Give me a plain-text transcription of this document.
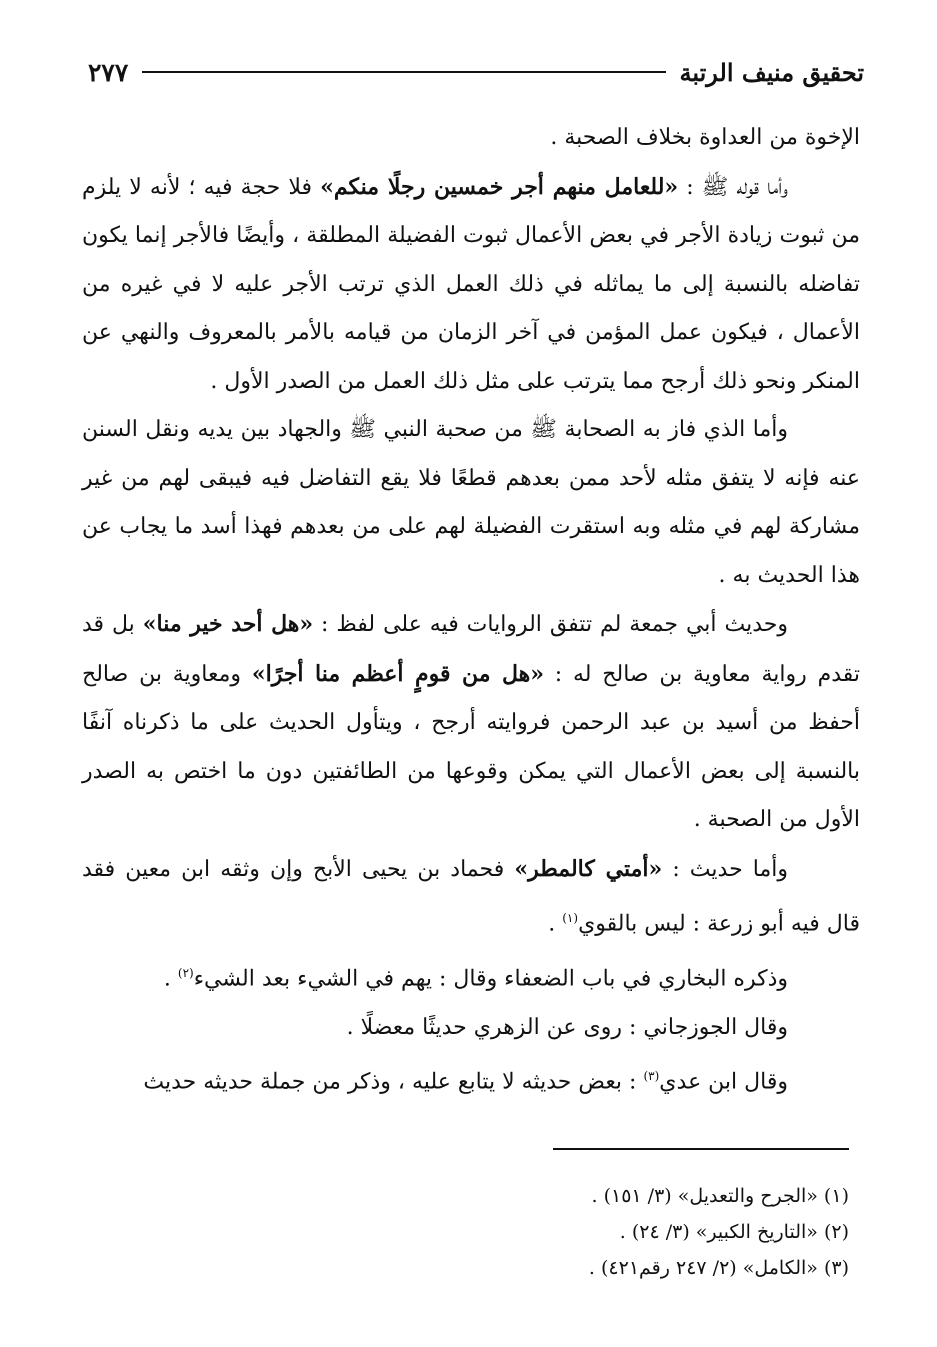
تحقيق منيف الرتبة
٢٧٧

الإخوة من العداوة بخلاف الصحبة .

وأما قوله ﷺ : «للعامل منهم أجر خمسين رجلًا منكم» فلا حجة فيه ؛ لأنه لا يلزم من ثبوت زيادة الأجر في بعض الأعمال ثبوت الفضيلة المطلقة ، وأيضًا فالأجر إنما يكون تفاضله بالنسبة إلى ما يماثله في ذلك العمل الذي ترتب الأجر عليه لا في غيره من الأعمال ، فيكون عمل المؤمن في آخر الزمان من قيامه بالأمر بالمعروف والنهي عن المنكر ونحو ذلك أرجح مما يترتب على مثل ذلك العمل من الصدر الأول .

وأما الذي فاز به الصحابة ﷺ من صحبة النبي ﷺ والجهاد بين يديه ونقل السنن عنه فإنه لا يتفق مثله لأحد ممن بعدهم قطعًا فلا يقع التفاضل فيه فيبقى لهم من غير مشاركة لهم في مثله وبه استقرت الفضيلة لهم على من بعدهم فهذا أسد ما يجاب عن هذا الحديث به .

وحديث أبي جمعة لم تتفق الروايات فيه على لفظ : «هل أحد خير منا» بل قد تقدم رواية معاوية بن صالح له : «هل من قومٍ أعظم منا أجرًا» ومعاوية بن صالح أحفظ من أسيد بن عبد الرحمن فروايته أرجح ، ويتأول الحديث على ما ذكرناه آنفًا بالنسبة إلى بعض الأعمال التي يمكن وقوعها من الطائفتين دون ما اختص به الصدر الأول من الصحبة .

وأما حديث : «أمتي كالمطر» فحماد بن يحيى الأبح وإن وثقه ابن معين فقد قال فيه أبو زرعة : ليس بالقوي$^{(١)}$ .

وذكره البخاري في باب الضعفاء وقال : يهم في الشيء بعد الشيء$^{(٢)}$ .

وقال الجوزجاني : روى عن الزهري حديثًا معضلًا .

وقال ابن عدي$^{(٣)}$ : بعض حديثه لا يتابع عليه ، وذكر من جملة حديثه حديث

(١) «الجرح والتعديل» (٣/ ١٥١) .

(٢) «التاريخ الكبير» (٣/ ٢٤) .

(٣) «الكامل» (٢/ ٢٤٧ رقم٤٢١) .
